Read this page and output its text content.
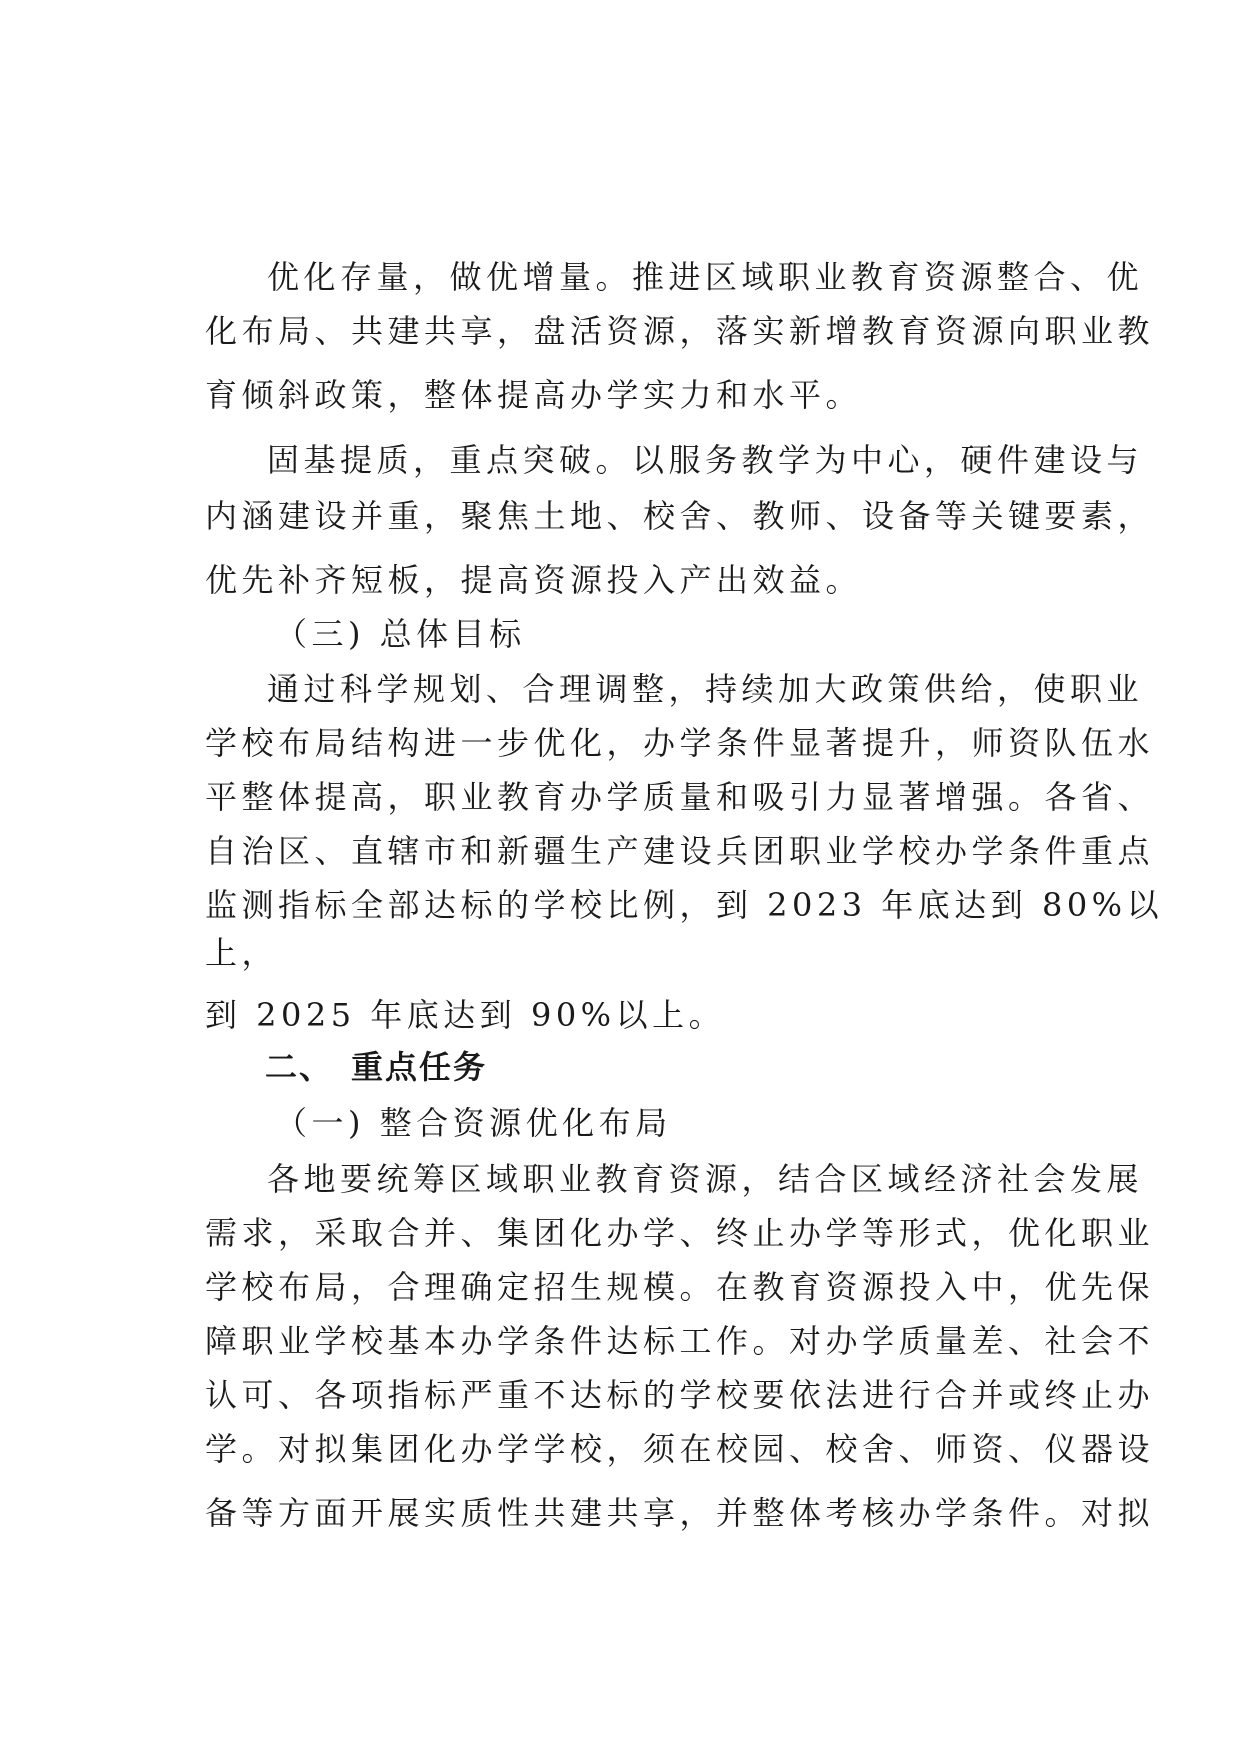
优化存量，做优增量。推进区域职业教育资源整合、优
化布局、共建共享，盘活资源，落实新增教育资源向职业教
育倾斜政策，整体提高办学实力和水平。
固基提质，重点突破。以服务教学为中心，硬件建设与
内涵建设并重，聚焦土地、校舍、教师、设备等关键要素，
优先补齐短板，提高资源投入产出效益。
（三) 总体目标
通过科学规划、合理调整，持续加大政策供给，使职业
学校布局结构进一步优化，办学条件显著提升，师资队伍水
平整体提高，职业教育办学质量和吸引力显著增强。各省、
自治区、直辖市和新疆生产建设兵团职业学校办学条件重点
监测指标全部达标的学校比例，到 2023 年底达到 80%以
上，
到 2025 年底达到 90%以上。
二、　重点任务
（一) 整合资源优化布局
各地要统筹区域职业教育资源，结合区域经济社会发展
需求，采取合并、集团化办学、终止办学等形式，优化职业
学校布局，合理确定招生规模。在教育资源投入中，优先保
障职业学校基本办学条件达标工作。对办学质量差、社会不
认可、各项指标严重不达标的学校要依法进行合并或终止办
学。对拟集团化办学学校，须在校园、校舍、师资、仪器设
备等方面开展实质性共建共享，并整体考核办学条件。对拟
